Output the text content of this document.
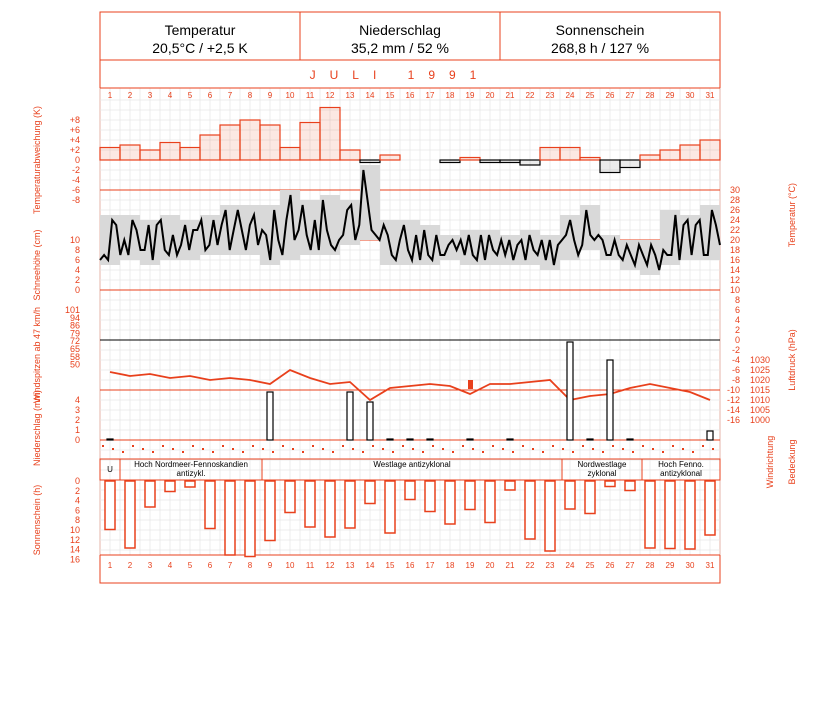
Temperatur
20,5°C / +2,5 K
Niederschlag
35,2 mm / 52 %
Sonnenschein
268,8 h / 127 %
JULI 1991
Temperaturabweichung (K)
Schneehöhe (cm)
Windspitzen ab 47 km/h
Niederschlag (mm)
Sonnenschein (h)
Temperatur (°C)
Luftdruck (hPa)
Windrichtung Bedeckung
U
Hoch Nordmeer-Fennoskandien antizykl.
Westlage antizyklonal	Nordwestlage zyklonal
Hoch Fenno. antizyklonal
1
1
2
2
3
3
4
4
5
5
6
6
7
7
8
8
9
9
10
10
11
11
12
12
13
13
14
14
15
15
16
16
17
17
18
18
19
19
20
20
21
21
22
22
23
23
24
24
25
25
26
26
27
27
28
28
29
29
30
30
31
31
+8
+6
+4
+2
0
-2
-4
-6
-8
10
8
6
4
2
0
101
94
86
79
72
65
58
50
4
3
2
1
0
0
2
4
6
8
10
12
14
16
30
28
26
24
22
20
18
16
14
12
10
8
6
4
2
0
-2
-4
-6
-8
-10
-12
-14
-16
1030
1025
1020
1015
1010
1005
1000
